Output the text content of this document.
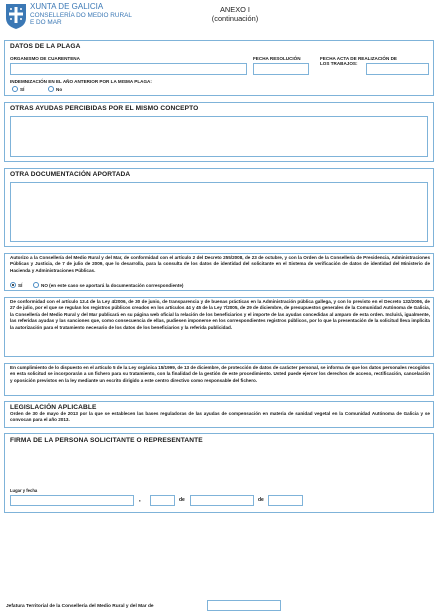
XUNTA DE GALICIA
CONSELLERÍA DO MEDIO RURAL
E DO MAR
ANEXO I
(continuación)
DATOS DE LA PLAGA
ORGANISMO DE CUARENTENA	FECHA RESOLUCIÓN	FECHA ACTA DE REALIZACIÓN DE
LOS TRABAJOS:
INDEMNIZACIÓN EN EL AÑO ANTERIOR POR LA MISMA PLAGA:
SÍ	No
OTRAS AYUDAS PERCIBIDAS POR EL MISMO CONCEPTO
OTRA DOCUMENTACIÓN APORTADA
Autorizo a la Consellería del Medio Rural y del Mar, de conformidad con el artículo 2 del Decreto 255/2008, de 23 de octubre, y con la Orden de la Consellería de Presidencia, Administraciones Públicas y Justicia, de 7 de julio de 2009, que lo desarrolla, para la consulta de los datos de identidad del solicitante en el Sistema de verificación de datos de identidad del Ministerio de Hacienda y Administraciones Públicas.
SÍ	NO (en este caso se aportará la documentación correspondiente)
De conformidad con el artículo 13.4 de la Ley 4/2006, de 30 de junio, de transparencia y de buenas prácticas en la Administración pública gallega, y con lo previsto en el Decreto 132/2006, de 27 de julio, por el que se regulan los registros públicos creados en los artículos 44 y 45 de la Ley 7/2005, de 29 de diciembre, de presupuestos generales de la Comunidad Autónoma de Galicia, la Consellería del Medio Rural y del Mar publicará en su página web oficial la relación de los beneficiarios y el importe de las ayudas concedidas al amparo de esta orden. Incluirá, igualmente, las referidas ayudas y las sanciones que, como consecuencia de ellas, pudiesen imponerse en los correspondientes registros públicos, por lo que la presentación de la solicitud lleva implícita la autorización para el tratamiento necesario de los datos de los beneficiarios y la referida publicidad.
En cumplimiento de lo dispuesto en el artículo 5 de la Ley orgánica 15/1999, de 13 de diciembre, de protección de datos de carácter personal, se informa de que los datos personales recogidos en esta solicitud se incorporarán a un fichero para su tratamiento, con la finalidad de la gestión de este procedimiento. Usted puede ejercer los derechos de acceso, rectificación, cancelación y oposición previstos en la ley mediante un escrito dirigido a este centro directivo como responsable del fichero.
LEGISLACIÓN APLICABLE
Orden de 30 de mayo de 2013 por la que se establecen las bases reguladoras de las ayudas de compensación en materia de sanidad vegetal en la Comunidad Autónoma de Galicia y se convocan para el año 2013.
FIRMA DE LA PERSONA SOLICITANTE O REPRESENTANTE
Lugar y fecha
,	de	de
Jefatura Territorial de la Consellería del Medio Rural y del Mar de
